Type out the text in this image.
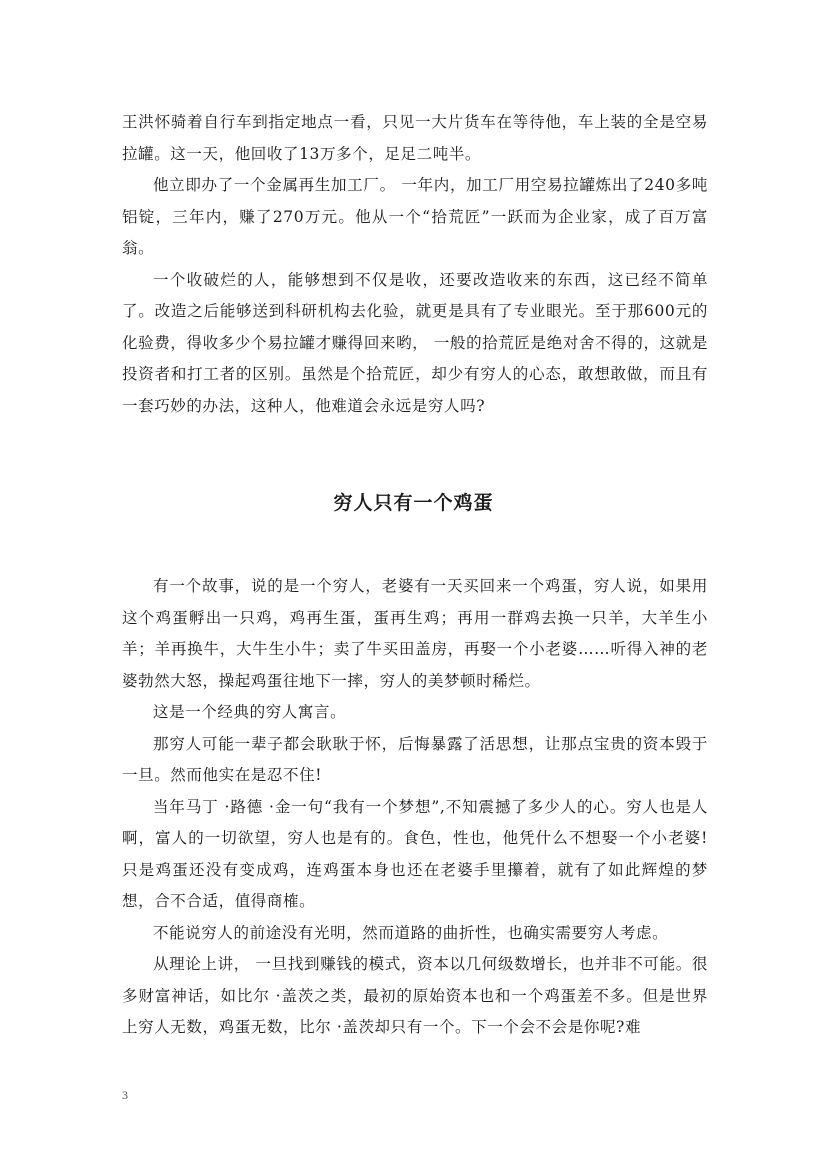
王洪怀骑着自行车到指定地点一看，只见一大片货车在等待他，车上装的全是空易拉罐。这一天，他回收了13万多个，足足二吨半。

他立即办了一个金属再生加工厂。 一年内，加工厂用空易拉罐炼出了240多吨铝锭，三年内，赚了270万元。他从一个“拾荒匠”一跃而为企业家，成了百万富翁。

一个收破烂的人，能够想到不仅是收，还要改造收来的东西，这已经不简单了。改造之后能够送到科研机构去化验，就更是具有了专业眼光。至于那600元的化验费，得收多少个易拉罐才赚得回来哟， 一般的拾荒匠是绝对舍不得的，这就是投资者和打工者的区别。虽然是个拾荒匠，却少有穷人的心态，敢想敢做，而且有一套巧妙的办法，这种人，他难道会永远是穷人吗?

穷人只有一个鸡蛋

有一个故事，说的是一个穷人，老婆有一天买回来一个鸡蛋，穷人说，如果用这个鸡蛋孵出一只鸡，鸡再生蛋，蛋再生鸡；再用一群鸡去换一只羊，大羊生小羊；羊再换牛，大牛生小牛；卖了牛买田盖房，再娶一个小老婆……听得入神的老婆勃然大怒，操起鸡蛋往地下一摔，穷人的美梦顿时稀烂。

这是一个经典的穷人寓言。

那穷人可能一辈子都会耿耿于怀，后悔暴露了活思想，让那点宝贵的资本毁于一旦。然而他实在是忍不住!

当年马丁 ·路德 ·金一句“我有一个梦想”,不知震撼了多少人的心。穷人也是人啊，富人的一切欲望，穷人也是有的。食色，性也，他凭什么不想娶一个小老婆!只是鸡蛋还没有变成鸡，连鸡蛋本身也还在老婆手里攥着，就有了如此辉煌的梦想，合不合适，值得商榷。

不能说穷人的前途没有光明，然而道路的曲折性，也确实需要穷人考虑。

从理论上讲， 一旦找到赚钱的模式，资本以几何级数增长，也并非不可能。很多财富神话，如比尔 ·盖茨之类，最初的原始资本也和一个鸡蛋差不多。但是世界上穷人无数，鸡蛋无数，比尔 ·盖茨却只有一个。下一个会不会是你呢?难

3
